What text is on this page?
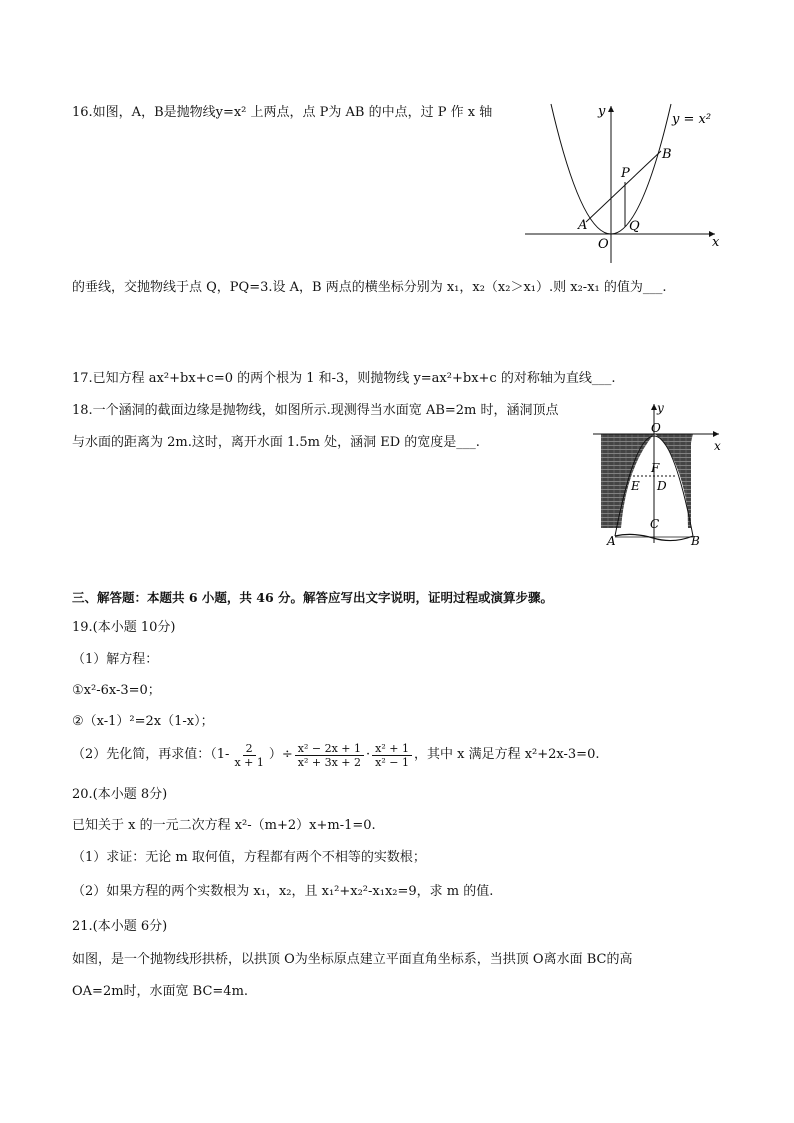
16.如图，A，B是抛物线y=x² 上两点，点 P为 AB 的中点，过 P 作 x 轴	y
x
y = x²
B
P
A	Q
O
的垂线，交抛物线于点 Q，PQ=3.设 A，B 两点的横坐标分别为 x₁，x₂（x₂＞x₁）.则 x₂-x₁ 的值为___.
17.已知方程 ax²+bx+c=0 的两个根为 1 和-3，则抛物线 y=ax²+bx+c 的对称轴为直线___.
18.一个涵洞的截面边缘是抛物线，如图所示.现测得当水面宽 AB=2m 时，涵洞顶点
与水面的距离为 2m.这时，离开水面 1.5m 处，涵洞 ED 的宽度是___.
y
x
O
F
E D
C
A	B
三、解答题：本题共 6 小题，共 46 分。解答应写出文字说明，证明过程或演算步骤。
19.(本小题 10分)
（1）解方程：
①x²-6x-3=0；
②（x-1）²=2x（1-x）；
（2）先化简，再求值：（$1- \frac{2}{x + 1}$ ）÷ $\frac{\text{x² − 2x + 1}}{\text{x² + 3x + 2}} \cdot \frac{\text{x² + 1}}{\text{x² − 1}}$ ，其中 x 满足方程 x²+2x-3=0.
20.(本小题 8分)
已知关于 x 的一元二次方程 x²-（m+2）x+m-1=0.
（1）求证：无论 m 取何值，方程都有两个不相等的实数根；
（2）如果方程的两个实数根为 x₁，x₂，且 x₁²+x₂²-x₁x₂=9，求 m 的值.
21.(本小题 6分)
如图，是一个抛物线形拱桥，以拱顶 O为坐标原点建立平面直角坐标系，当拱顶 O离水面 BC的高
OA=2m时，水面宽 BC=4m.
